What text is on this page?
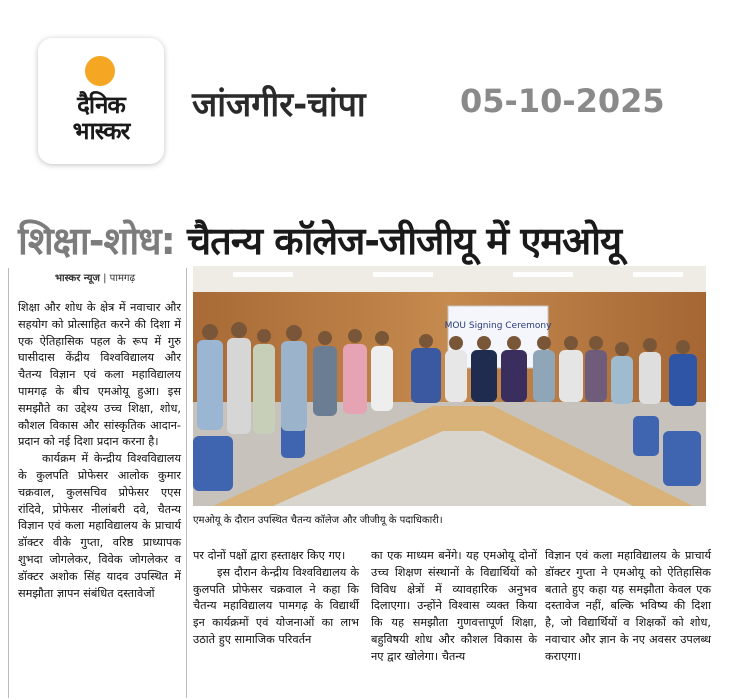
दैनिक
भास्कर
जांजगीर-चांपा	05-10-2025
शिक्षा-शोध: चैतन्य कॉलेज-जीजीयू में एमओयू
भास्कर न्यूज | पामगढ़

शिक्षा और शोध के क्षेत्र में नवाचार और सहयोग को प्रोत्साहित करने की दिशा में एक ऐतिहासिक पहल के रूप में गुरु घासीदास केंद्रीय विश्वविद्यालय और चैतन्य विज्ञान एवं कला महाविद्यालय पामगढ़ के बीच एमओयू हुआ। इस समझौते का उद्देश्य उच्च शिक्षा, शोध, कौशल विकास और सांस्कृतिक आदान-प्रदान को नई दिशा प्रदान करना है।

कार्यक्रम में केन्द्रीय विश्वविद्यालय के कुलपति प्रोफेसर आलोक कुमार चक्रवाल, कुलसचिव प्रोफेसर एएस रांदिवे, प्रोफेसर नीलांबरी दवे, चैतन्य विज्ञान एवं कला महाविद्यालय के प्राचार्य डॉक्टर वीके गुप्ता, वरिष्ठ प्राध्यापक शुभदा जोगलेकर, विवेक जोगलेकर व डॉक्टर अशोक सिंह यादव उपस्थित में समझौता ज्ञापन संबंधित दस्तावेजों

MOU Signing Ceremony
एमओयू के दौरान उपस्थित चैतन्य कॉलेज और जीजीयू के पदाधिकारी।

पर दोनों पक्षों द्वारा हस्ताक्षर किए गए।

इस दौरान केन्द्रीय विश्वविद्यालय के कुलपति प्रोफेसर चक्रवाल ने कहा कि चैतन्य महाविद्यालय पामगढ़ के विद्यार्थी इन कार्यक्रमों एवं योजनाओं का लाभ उठाते हुए सामाजिक परिवर्तन

का एक माध्यम बनेंगे। यह एमओयू दोनों उच्च शिक्षण संस्थानों के विद्यार्थियों को विविध क्षेत्रों में व्यावहारिक अनुभव दिलाएगा। उन्होंने विश्वास व्यक्त किया कि यह समझौता गुणवत्तापूर्ण शिक्षा, बहुविषयी शोध और कौशल विकास के नए द्वार खोलेगा। चैतन्य

विज्ञान एवं कला महाविद्यालय के प्राचार्य डॉक्टर गुप्ता ने एमओयू को ऐतिहासिक बताते हुए कहा यह समझौता केवल एक दस्तावेज नहीं, बल्कि भविष्य की दिशा है, जो विद्यार्थियों व शिक्षकों को शोध, नवाचार और ज्ञान के नए अवसर उपलब्ध कराएगा।
